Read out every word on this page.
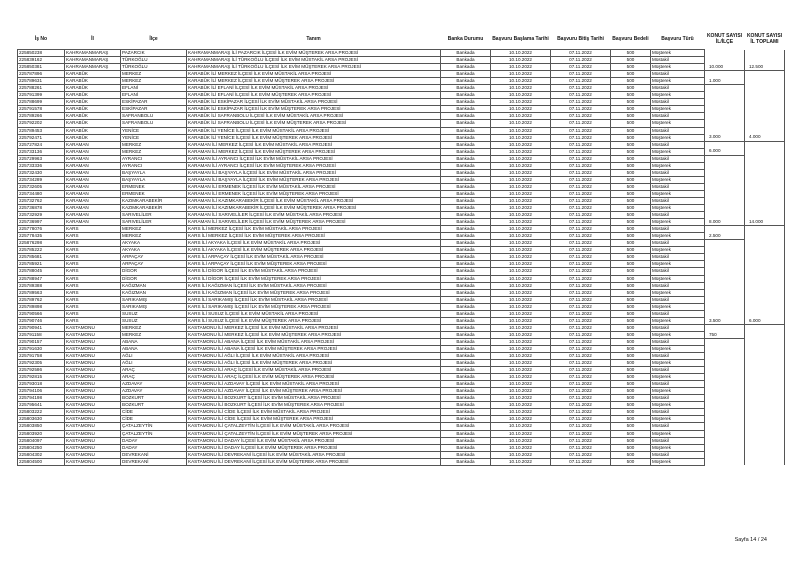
İş No	İl	İlçe	Tanım	Banka Durumu	Başvuru Başlama Tarihi	Başvuru Bitiş Tarihi	Başvuru Bedeli	Başvuru Türü	KONUT SAYISI İL/İLÇE	KONUT SAYISI İL TOPLAMI
225850238	KAHRAMANMARAŞ	PAZARCIK	KAHRAMANMARAŞ İLİ PAZARCIK İLÇESİ İLK EVİM MÜŞTEREK ARSA PROJESİ	Bankada	10.10.2022	07.11.2022	500	Müşterek		
225839162	KAHRAMANMARAŞ	TÜRKOĞLU	KAHRAMANMARAŞ İLİ TÜRKOĞLU İLÇESİ İLK EVİM MÜSTAKİL ARSA PROJESİ	Bankada	10.10.2022	07.11.2022	500	Müstakil		
225850381	KAHRAMANMARAŞ	TÜRKOĞLU	KAHRAMANMARAŞ İLİ TÜRKOĞLU İLÇESİ İLK EVİM MÜŞTEREK ARSA PROJESİ	Bankada	10.10.2022	07.11.2022	500	Müşterek	10.000	12.500
225787896	KARABÜK	MERKEZ	KARABÜK İLİ MERKEZ İLÇESİ İLK EVİM MÜSTAKİL ARSA PROJESİ	Bankada	10.10.2022	07.11.2022	500	Müstakil		
225789631	KARABÜK	MERKEZ	KARABÜK İLİ MERKEZ İLÇESİ İLK EVİM MÜŞTEREK ARSA PROJESİ	Bankada	10.10.2022	07.11.2022	500	Müşterek	1.000	
225788261	KARABÜK	EFLANİ	KARABÜK İLİ EFLANİ İLÇESİ İLK EVİM MÜSTAKİL ARSA PROJESİ	Bankada	10.10.2022	07.11.2022	500	Müstakil		
225791399	KARABÜK	EFLANİ	KARABÜK İLİ EFLANİ İLÇESİ İLK EVİM MÜŞTEREK ARSA PROJESİ	Bankada	10.10.2022	07.11.2022	500	Müşterek		
225788699	KARABÜK	ESKİPAZAR	KARABÜK İLİ ESKİPAZAR İLÇESİ İLK EVİM MÜSTAKİL ARSA PROJESİ	Bankada	10.10.2022	07.11.2022	500	Müstakil		
225791578	KARABÜK	ESKİPAZAR	KARABÜK İLİ ESKİPAZAR İLÇESİ İLK EVİM MÜŞTEREK ARSA PROJESİ	Bankada	10.10.2022	07.11.2022	500	Müşterek		
225789266	KARABÜK	SAFRANBOLU	KARABÜK İLİ SAFRANBOLU İLÇESİ İLK EVİM MÜSTAKİL ARSA PROJESİ	Bankada	10.10.2022	07.11.2022	500	Müstakil		
225792202	KARABÜK	SAFRANBOLU	KARABÜK İLİ SAFRANBOLU İLÇESİ İLK EVİM MÜŞTEREK ARSA PROJESİ	Bankada	10.10.2022	07.11.2022	500	Müşterek		
225789453	KARABÜK	YENİCE	KARABÜK İLİ YENİCE İLÇESİ İLK EVİM MÜSTAKİL ARSA PROJESİ	Bankada	10.10.2022	07.11.2022	500	Müstakil		
225792471	KARABÜK	YENİCE	KARABÜK İLİ YENİCE İLÇESİ İLK EVİM MÜŞTEREK ARSA PROJESİ	Bankada	10.10.2022	07.11.2022	500	Müşterek	3.000	4.000
225727824	KARAMAN	MERKEZ	KARAMAN İLİ MERKEZ İLÇESİ İLK EVİM MÜSTAKİL ARSA PROJESİ	Bankada	10.10.2022	07.11.2022	500	Müstakil		
225733136	KARAMAN	MERKEZ	KARAMAN İLİ MERKEZ İLÇESİ İLK EVİM MÜŞTEREK ARSA PROJESİ	Bankada	10.10.2022	07.11.2022	500	Müşterek	6.000	
225729963	KARAMAN	AYRANCI	KARAMAN İLİ AYRANCI İLÇESİ İLK EVİM MÜSTAKİL ARSA PROJESİ	Bankada	10.10.2022	07.11.2022	500	Müstakil		
225733336	KARAMAN	AYRANCI	KARAMAN İLİ AYRANCI İLÇESİ İLK EVİM MÜŞTEREK ARSA PROJESİ	Bankada	10.10.2022	07.11.2022	500	Müşterek		
225732430	KARAMAN	BAŞYAYLA	KARAMAN İLİ BAŞYAYLA İLÇESİ İLK EVİM MÜSTAKİL ARSA PROJESİ	Bankada	10.10.2022	07.11.2022	500	Müstakil		
225734289	KARAMAN	BAŞYAYLA	KARAMAN İLİ BAŞYAYLA İLÇESİ İLK EVİM MÜŞTEREK ARSA PROJESİ	Bankada	10.10.2022	07.11.2022	500	Müşterek		
225732605	KARAMAN	ERMENEK	KARAMAN İLİ ERMENEK İLÇESİ İLK EVİM MÜSTAKİL ARSA PROJESİ	Bankada	10.10.2022	07.11.2022	500	Müstakil		
225734480	KARAMAN	ERMENEK	KARAMAN İLİ ERMENEK İLÇESİ İLK EVİM MÜŞTEREK ARSA PROJESİ	Bankada	10.10.2022	07.11.2022	500	Müşterek		
225732762	KARAMAN	KAZIMKARABEKİR	KARAMAN İLİ KAZIMKARABEKİR İLÇESİ İLK EVİM MÜSTAKİL ARSA PROJESİ	Bankada	10.10.2022	07.11.2022	500	Müstakil		
225736878	KARAMAN	KAZIMKARABEKİR	KARAMAN İLİ KAZIMKARABEKİR İLÇESİ İLK EVİM MÜŞTEREK ARSA PROJESİ	Bankada	10.10.2022	07.11.2022	500	Müşterek		
225732929	KARAMAN	SARIVELİLER	KARAMAN İLİ SARIVELİLER İLÇESİ İLK EVİM MÜSTAKİL ARSA PROJESİ	Bankada	10.10.2022	07.11.2022	500	Müstakil		
225736997	KARAMAN	SARIVELİLER	KARAMAN İLİ SARIVELİLER İLÇESİ İLK EVİM MÜŞTEREK ARSA PROJESİ	Bankada	10.10.2022	07.11.2022	500	Müşterek	8.000	14.000
225778076	KARS	MERKEZ	KARS İLİ MERKEZ İLÇESİ İLK EVİM MÜSTAKİL ARSA PROJESİ	Bankada	10.10.2022	07.11.2022	500	Müstakil		
225778435	KARS	MERKEZ	KARS İLİ MERKEZ İLÇESİ İLK EVİM MÜŞTEREK ARSA PROJESİ	Bankada	10.10.2022	07.11.2022	500	Müşterek	2.500	
225876298	KARS	AKYAKA	KARS İLİ AKYAKA İLÇESİ İLK EVİM MÜSTAKİL ARSA PROJESİ	Bankada	10.10.2022	07.11.2022	500	Müstakil		
225785222	KARS	AKYAKA	KARS İLİ AKYAKA İLÇESİ İLK EVİM MÜŞTEREK ARSA PROJESİ	Bankada	10.10.2022	07.11.2022	500	Müşterek		
225785681	KARS	ARPAÇAY	KARS İLİ ARPAÇAY İLÇESİ İLK EVİM MÜSTAKİL ARSA PROJESİ	Bankada	10.10.2022	07.11.2022	500	Müstakil		
225785921	KARS	ARPAÇAY	KARS İLİ ARPAÇAY İLÇESİ İLK EVİM MÜŞTEREK ARSA PROJESİ	Bankada	10.10.2022	07.11.2022	500	Müşterek		
225788045	KARS	DİGOR	KARS İLİ DİGOR İLÇESİ İLK EVİM MÜSTAKİL ARSA PROJESİ	Bankada	10.10.2022	07.11.2022	500	Müstakil		
225788947	KARS	DİGOR	KARS İLİ DİGOR İLÇESİ İLK EVİM MÜŞTEREK ARSA PROJESİ	Bankada	10.10.2022	07.11.2022	500	Müşterek		
225789388	KARS	KAĞIZMAN	KARS İLİ KAĞIZMAN İLÇESİ İLK EVİM MÜSTAKİL ARSA PROJESİ	Bankada	10.10.2022	07.11.2022	500	Müstakil		
225789563	KARS	KAĞIZMAN	KARS İLİ KAĞIZMAN İLÇESİ İLK EVİM MÜŞTEREK ARSA PROJESİ	Bankada	10.10.2022	07.11.2022	500	Müşterek		
225789762	KARS	SARIKAMIŞ	KARS İLİ SARIKAMIŞ İLÇESİ İLK EVİM MÜSTAKİL ARSA PROJESİ	Bankada	10.10.2022	07.11.2022	500	Müstakil		
225789898	KARS	SARIKAMIŞ	KARS İLİ SARIKAMIŞ İLÇESİ İLK EVİM MÜŞTEREK ARSA PROJESİ	Bankada	10.10.2022	07.11.2022	500	Müşterek		
225790566	KARS	SUSUZ	KARS İLİ SUSUZ İLÇESİ İLK EVİM MÜSTAKİL ARSA PROJESİ	Bankada	10.10.2022	07.11.2022	500	Müstakil		
225790746	KARS	SUSUZ	KARS İLİ SUSUZ İLÇESİ İLK EVİM MÜŞTEREK ARSA PROJESİ	Bankada	10.10.2022	07.11.2022	500	Müşterek	3.500	6.000
225790941	KASTAMONU	MERKEZ	KASTAMONU İLİ MERKEZ İLÇESİ İLK EVİM MÜSTAKİL ARSA PROJESİ	Bankada	10.10.2022	07.11.2022	500	Müstakil		
225791158	KASTAMONU	MERKEZ	KASTAMONU İLİ MERKEZ İLÇESİ İLK EVİM MÜŞTEREK ARSA PROJESİ	Bankada	10.10.2022	07.11.2022	500	Müşterek	750	
225790157	KASTAMONU	ABANA	KASTAMONU İLİ ABANA İLÇESİ İLK EVİM MÜSTAKİL ARSA PROJESİ	Bankada	10.10.2022	07.11.2022	500	Müstakil		
225791630	KASTAMONU	ABANA	KASTAMONU İLİ ABANA İLÇESİ İLK EVİM MÜŞTEREK ARSA PROJESİ	Bankada	10.10.2022	07.11.2022	500	Müşterek		
225791758	KASTAMONU	AĞLI	KASTAMONU İLİ AĞLI İLÇESİ İLK EVİM MÜSTAKİL ARSA PROJESİ	Bankada	10.10.2022	07.11.2022	500	Müstakil		
225792305	KASTAMONU	AĞLI	KASTAMONU İLİ AĞLI İLÇESİ İLK EVİM MÜŞTEREK ARSA PROJESİ	Bankada	10.10.2022	07.11.2022	500	Müşterek		
225792586	KASTAMONU	ARAÇ	KASTAMONU İLİ ARAÇ İLÇESİ İLK EVİM MÜSTAKİL ARSA PROJESİ	Bankada	10.10.2022	07.11.2022	500	Müstakil		
225792815	KASTAMONU	ARAÇ	KASTAMONU İLİ ARAÇ İLÇESİ İLK EVİM MÜŞTEREK ARSA PROJESİ	Bankada	10.10.2022	07.11.2022	500	Müşterek		
225793018	KASTAMONU	AZDAVAY	KASTAMONU İLİ AZDAVAY İLÇESİ İLK EVİM MÜSTAKİL ARSA PROJESİ	Bankada	10.10.2022	07.11.2022	500	Müstakil		
225794106	KASTAMONU	AZDAVAY	KASTAMONU İLİ AZDAVAY İLÇESİ İLK EVİM MÜŞTEREK ARSA PROJESİ	Bankada	10.10.2022	07.11.2022	500	Müşterek		
225794198	KASTAMONU	BOZKURT	KASTAMONU İLİ BOZKURT İLÇESİ İLK EVİM MÜSTAKİL ARSA PROJESİ	Bankada	10.10.2022	07.11.2022	500	Müstakil		
225795641	KASTAMONU	BOZKURT	KASTAMONU İLİ BOZKURT İLÇESİ İLK EVİM MÜŞTEREK ARSA PROJESİ	Bankada	10.10.2022	07.11.2022	500	Müşterek		
225803222	KASTAMONU	CİDE	KASTAMONU İLİ CİDE İLÇESİ İLK EVİM MÜSTAKİL ARSA PROJESİ	Bankada	10.10.2022	07.11.2022	500	Müstakil		
225803630	KASTAMONU	CİDE	KASTAMONU İLİ CİDE İLÇESİ İLK EVİM MÜŞTEREK ARSA PROJESİ	Bankada	10.10.2022	07.11.2022	500	Müşterek		
225803850	KASTAMONU	ÇATALZEYTİN	KASTAMONU İLİ ÇATALZEYTİN İLÇESİ İLK EVİM MÜSTAKİL ARSA PROJESİ	Bankada	10.10.2022	07.11.2022	500	Müstakil		
225803920	KASTAMONU	ÇATALZEYTİN	KASTAMONU İLİ ÇATALZEYTİN İLÇESİ İLK EVİM MÜŞTEREK ARSA PROJESİ	Bankada	10.10.2022	07.11.2022	500	Müşterek		
225804097	KASTAMONU	DADAY	KASTAMONU İLİ DADAY İLÇESİ İLK EVİM MÜSTAKİL ARSA PROJESİ	Bankada	10.10.2022	07.11.2022	500	Müstakil		
225804250	KASTAMONU	DADAY	KASTAMONU İLİ DADAY İLÇESİ İLK EVİM MÜŞTEREK ARSA PROJESİ	Bankada	10.10.2022	07.11.2022	500	Müşterek		
225804302	KASTAMONU	DEVREKANİ	KASTAMONU İLİ DEVREKANİ İLÇESİ İLK EVİM MÜSTAKİL ARSA PROJESİ	Bankada	10.10.2022	07.11.2022	500	Müstakil		
225804500	KASTAMONU	DEVREKANİ	KASTAMONU İLİ DEVREKANİ İLÇESİ İLK EVİM MÜŞTEREK ARSA PROJESİ	Bankada	10.10.2022	07.11.2022	500	Müşterek		
Sayfa 14 / 24
